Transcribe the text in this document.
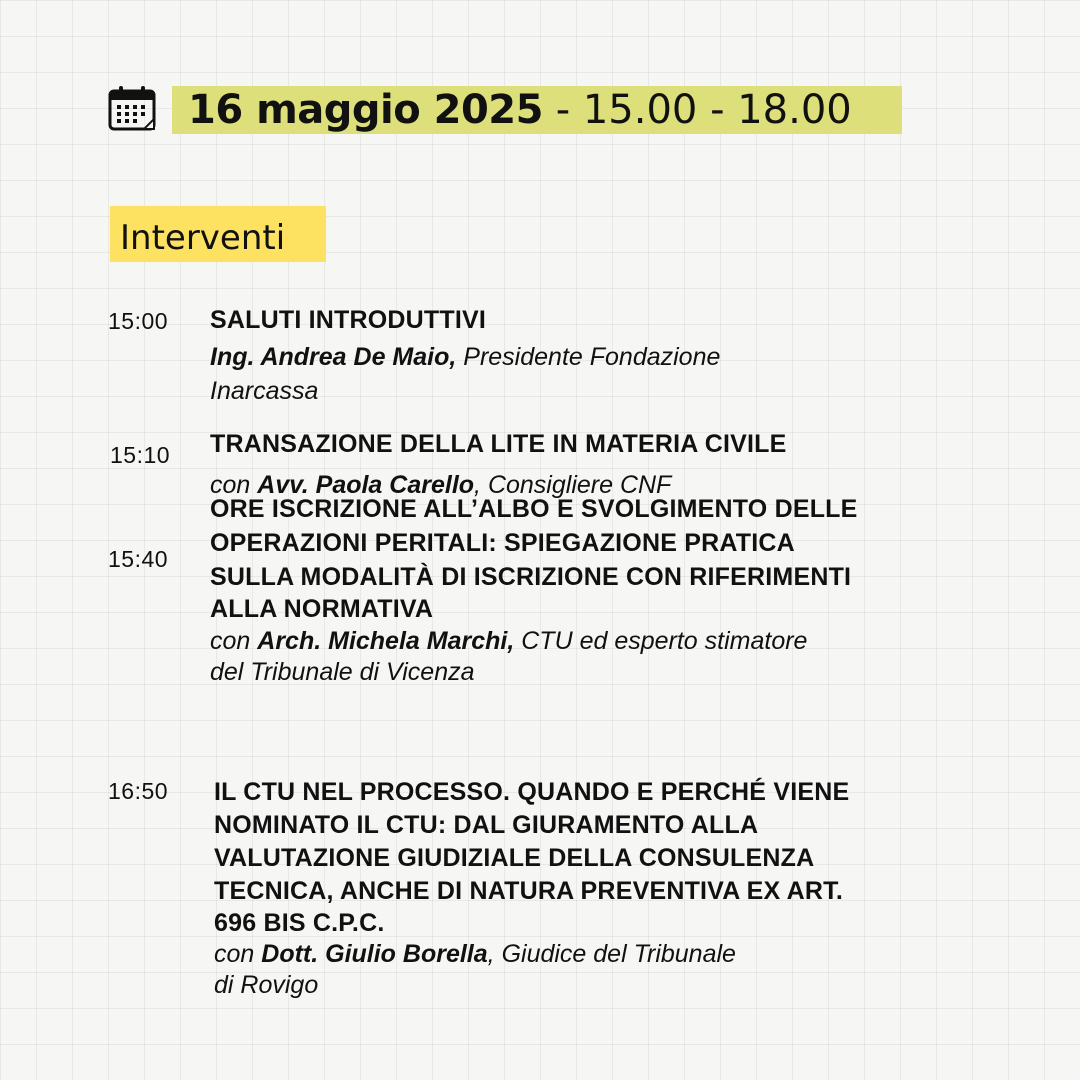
16 maggio 2025 - 15.00 - 18.00
Interventi
15:00 SALUTI INTRODUTTIVI
Ing. Andrea De Maio, Presidente Fondazione
Inarcassa
15:10 TRANSAZIONE DELLA LITE IN MATERIA CIVILE
con Avv. Paola Carello, Consigliere CNF
15:40
ORE ISCRIZIONE ALL’ALBO E SVOLGIMENTO DELLE
OPERAZIONI PERITALI: SPIEGAZIONE PRATICA
SULLA MODALITÀ DI ISCRIZIONE CON RIFERIMENTI
ALLA NORMATIVA
con Arch. Michela Marchi, CTU ed esperto stimatore
del Tribunale di Vicenza
16:50 IL CTU NEL PROCESSO. QUANDO E PERCHÉ VIENE
NOMINATO IL CTU: DAL GIURAMENTO ALLA
VALUTAZIONE GIUDIZIALE DELLA CONSULENZA
TECNICA, ANCHE DI NATURA PREVENTIVA EX ART.
696 BIS C.P.C.
con Dott. Giulio Borella, Giudice del Tribunale
di Rovigo
